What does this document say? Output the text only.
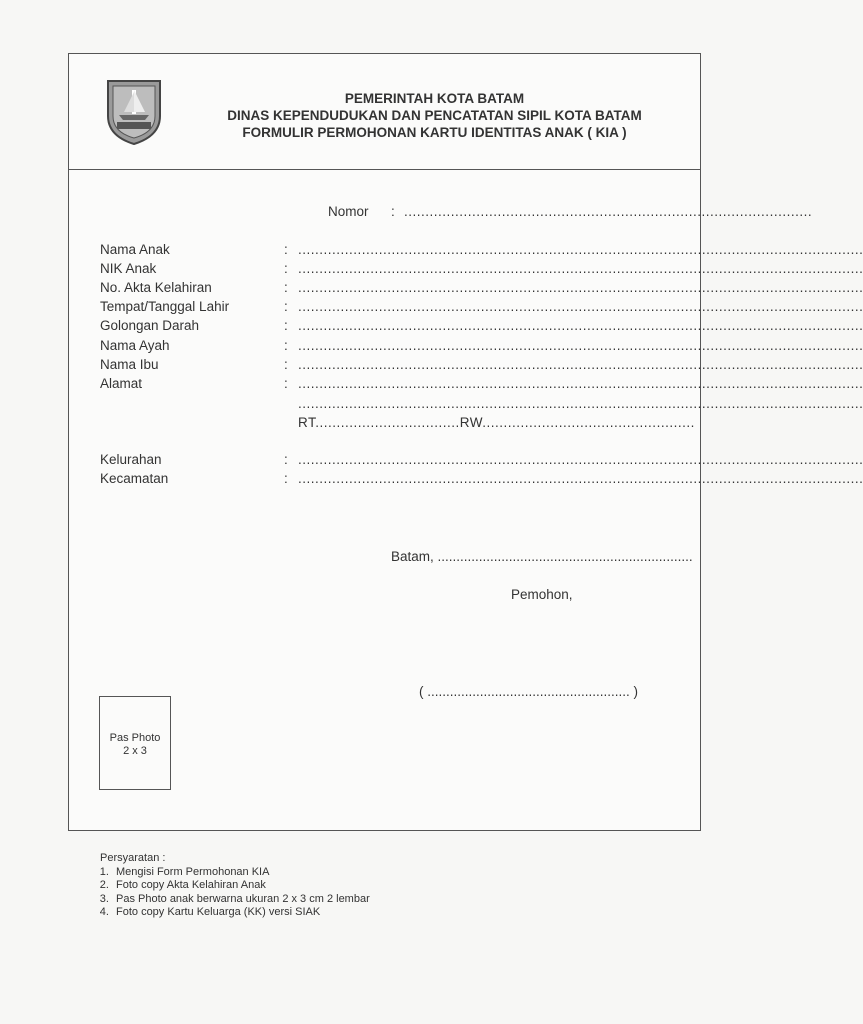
PEMERINTAH KOTA BATAM
DINAS KEPENDUDUKAN DAN PENCATATAN SIPIL KOTA BATAM
FORMULIR PERMOHONAN KARTU IDENTITAS ANAK ( KIA )
Nomor : ................................................................................................
Nama Anak	: .....................................................................................................................................
NIK Anak	: .....................................................................................................................................
No. Akta Kelahiran	: .....................................................................................................................................
Tempat/Tanggal Lahir	: .....................................................................................................................................
Golongan Darah	: .....................................................................................................................................
Nama Ayah	: .....................................................................................................................................
Nama Ibu	: .....................................................................................................................................
Alamat	: .....................................................................................................................................
.....................................................................................................................................
RT..................................RW..................................................
Kelurahan	: .....................................................................................................................................
Kecamatan	: .....................................................................................................................................
Batam, ....................................................................
Pemohon,
( ...................................................... )
Pas Photo
2 x 3
Persyaratan :
1. Mengisi Form Permohonan KIA
2. Foto copy Akta Kelahiran Anak
3. Pas Photo anak berwarna ukuran 2 x 3 cm 2 lembar
4. Foto copy Kartu Keluarga (KK) versi SIAK
